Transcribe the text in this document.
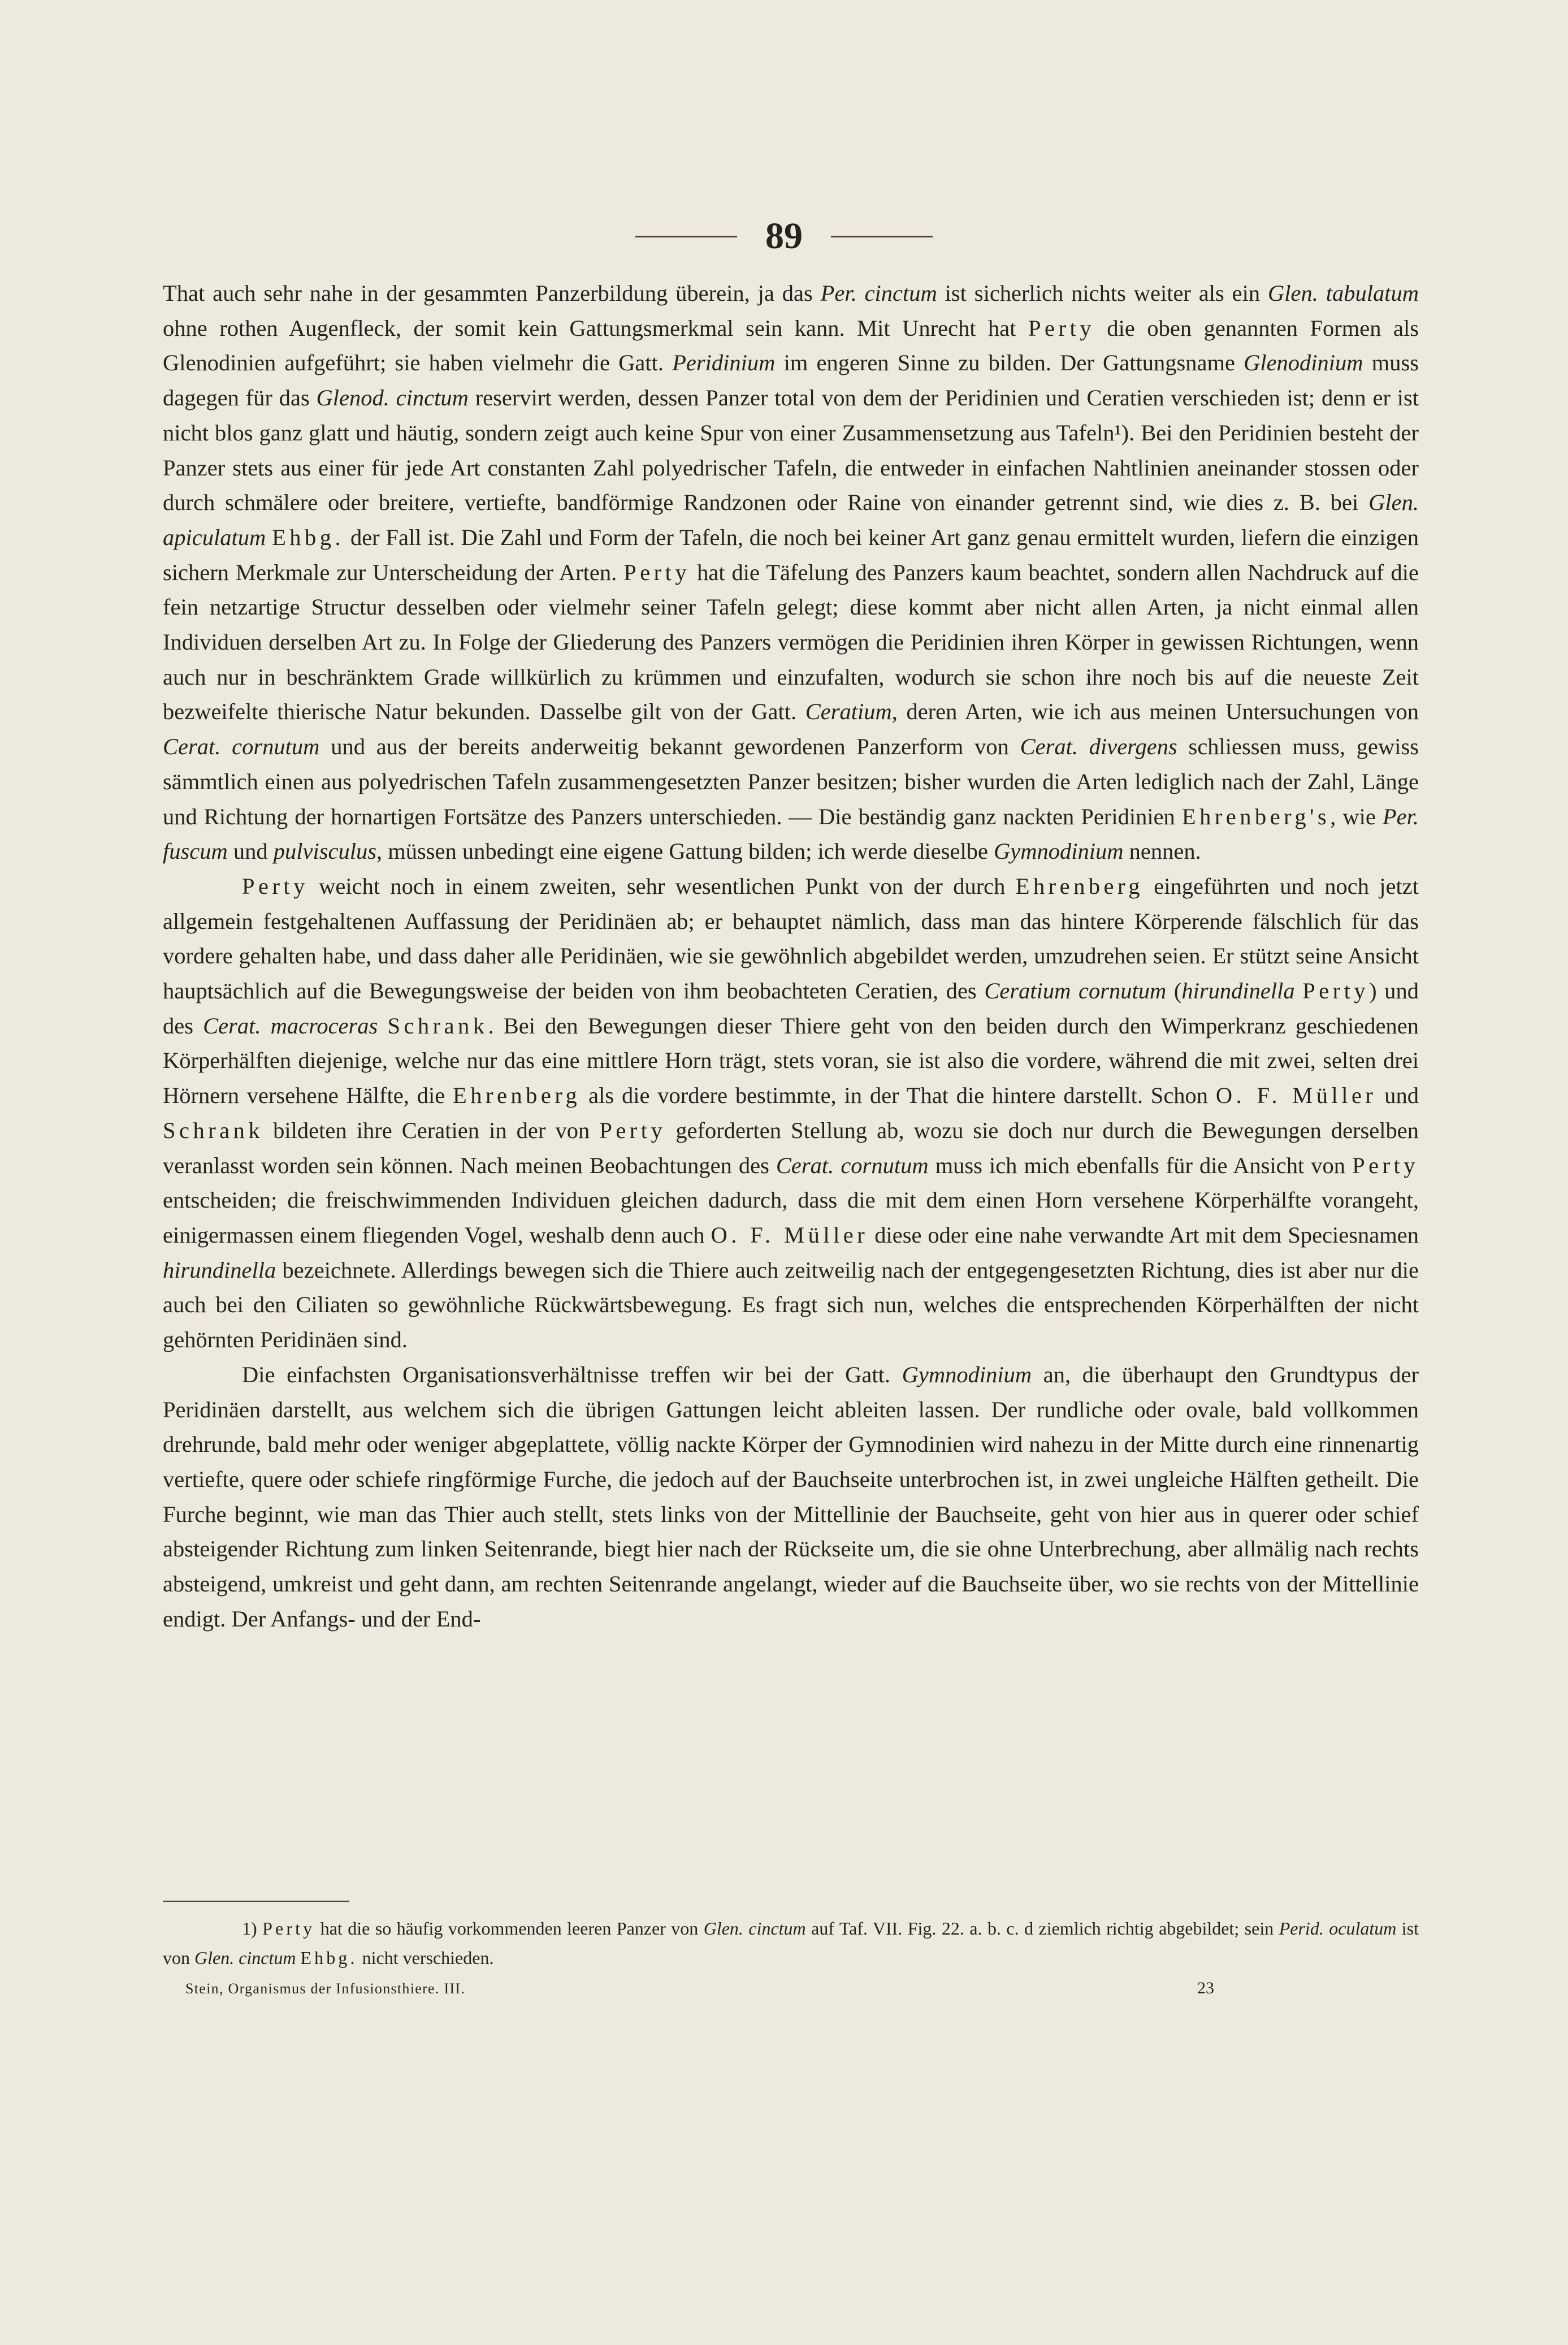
89

That auch sehr nahe in der gesammten Panzerbildung überein, ja das Per. cinctum ist sicherlich nichts weiter als ein Glen. tabulatum ohne rothen Augenfleck, der somit kein Gattungsmerkmal sein kann. Mit Unrecht hat Perty die oben genannten Formen als Glenodinien aufgeführt; sie haben vielmehr die Gatt. Peridinium im engeren Sinne zu bilden. Der Gattungsname Glenodinium muss dagegen für das Glenod. cinctum reservirt werden, dessen Panzer total von dem der Peridinien und Ceratien verschieden ist; denn er ist nicht blos ganz glatt und häutig, sondern zeigt auch keine Spur von einer Zusammensetzung aus Tafeln¹). Bei den Peridinien besteht der Panzer stets aus einer für jede Art constanten Zahl polyedrischer Tafeln, die entweder in einfachen Nahtlinien aneinander stossen oder durch schmälere oder breitere, vertiefte, bandförmige Randzonen oder Raine von einander getrennt sind, wie dies z. B. bei Glen. apiculatum Ehbg. der Fall ist. Die Zahl und Form der Tafeln, die noch bei keiner Art ganz genau ermittelt wurden, liefern die einzigen sichern Merkmale zur Unterscheidung der Arten. Perty hat die Täfelung des Panzers kaum beachtet, sondern allen Nachdruck auf die fein netzartige Structur desselben oder vielmehr seiner Tafeln gelegt; diese kommt aber nicht allen Arten, ja nicht einmal allen Individuen derselben Art zu. In Folge der Gliederung des Panzers vermögen die Peridinien ihren Körper in gewissen Richtungen, wenn auch nur in beschränktem Grade willkürlich zu krümmen und einzufalten, wodurch sie schon ihre noch bis auf die neueste Zeit bezweifelte thierische Natur bekunden. Dasselbe gilt von der Gatt. Ceratium, deren Arten, wie ich aus meinen Untersuchungen von Cerat. cornutum und aus der bereits anderweitig bekannt gewordenen Panzerform von Cerat. divergens schliessen muss, gewiss sämmtlich einen aus polyedrischen Tafeln zusammengesetzten Panzer besitzen; bisher wurden die Arten lediglich nach der Zahl, Länge und Richtung der hornartigen Fortsätze des Panzers unterschieden. — Die beständig ganz nackten Peridinien Ehrenberg's, wie Per. fuscum und pulvisculus, müssen unbedingt eine eigene Gattung bilden; ich werde dieselbe Gymnodinium nennen.

Perty weicht noch in einem zweiten, sehr wesentlichen Punkt von der durch Ehrenberg eingeführten und noch jetzt allgemein festgehaltenen Auffassung der Peridinäen ab; er behauptet nämlich, dass man das hintere Körperende fälschlich für das vordere gehalten habe, und dass daher alle Peridinäen, wie sie gewöhnlich abgebildet werden, umzudrehen seien. Er stützt seine Ansicht hauptsächlich auf die Bewegungsweise der beiden von ihm beobachteten Ceratien, des Ceratium cornutum (hirundinella Perty) und des Cerat. macroceras Schrank. Bei den Bewegungen dieser Thiere geht von den beiden durch den Wimperkranz geschiedenen Körperhälften diejenige, welche nur das eine mittlere Horn trägt, stets voran, sie ist also die vordere, während die mit zwei, selten drei Hörnern versehene Hälfte, die Ehrenberg als die vordere bestimmte, in der That die hintere darstellt. Schon O. F. Müller und Schrank bildeten ihre Ceratien in der von Perty geforderten Stellung ab, wozu sie doch nur durch die Bewegungen derselben veranlasst worden sein können. Nach meinen Beobachtungen des Cerat. cornutum muss ich mich ebenfalls für die Ansicht von Perty entscheiden; die freischwimmenden Individuen gleichen dadurch, dass die mit dem einen Horn versehene Körperhälfte vorangeht, einigermassen einem fliegenden Vogel, weshalb denn auch O. F. Müller diese oder eine nahe verwandte Art mit dem Speciesnamen hirundinella bezeichnete. Allerdings bewegen sich die Thiere auch zeitweilig nach der entgegengesetzten Richtung, dies ist aber nur die auch bei den Ciliaten so gewöhnliche Rückwärtsbewegung. Es fragt sich nun, welches die entsprechenden Körperhälften der nicht gehörnten Peridinäen sind.

Die einfachsten Organisationsverhältnisse treffen wir bei der Gatt. Gymnodinium an, die überhaupt den Grundtypus der Peridinäen darstellt, aus welchem sich die übrigen Gattungen leicht ableiten lassen. Der rundliche oder ovale, bald vollkommen drehrunde, bald mehr oder weniger abgeplattete, völlig nackte Körper der Gymnodinien wird nahezu in der Mitte durch eine rinnenartig vertiefte, quere oder schiefe ringförmige Furche, die jedoch auf der Bauchseite unterbrochen ist, in zwei ungleiche Hälften getheilt. Die Furche beginnt, wie man das Thier auch stellt, stets links von der Mittellinie der Bauchseite, geht von hier aus in querer oder schief absteigender Richtung zum linken Seitenrande, biegt hier nach der Rückseite um, die sie ohne Unterbrechung, aber allmälig nach rechts absteigend, umkreist und geht dann, am rechten Seitenrande angelangt, wieder auf die Bauchseite über, wo sie rechts von der Mittellinie endigt. Der Anfangs- und der End-

1) Perty hat die so häufig vorkommenden leeren Panzer von Glen. cinctum auf Taf. VII. Fig. 22. a. b. c. d ziemlich richtig abgebildet; sein Perid. oculatum ist von Glen. cinctum Ehbg. nicht verschieden.

Stein, Organismus der Infusionsthiere. III.	23
